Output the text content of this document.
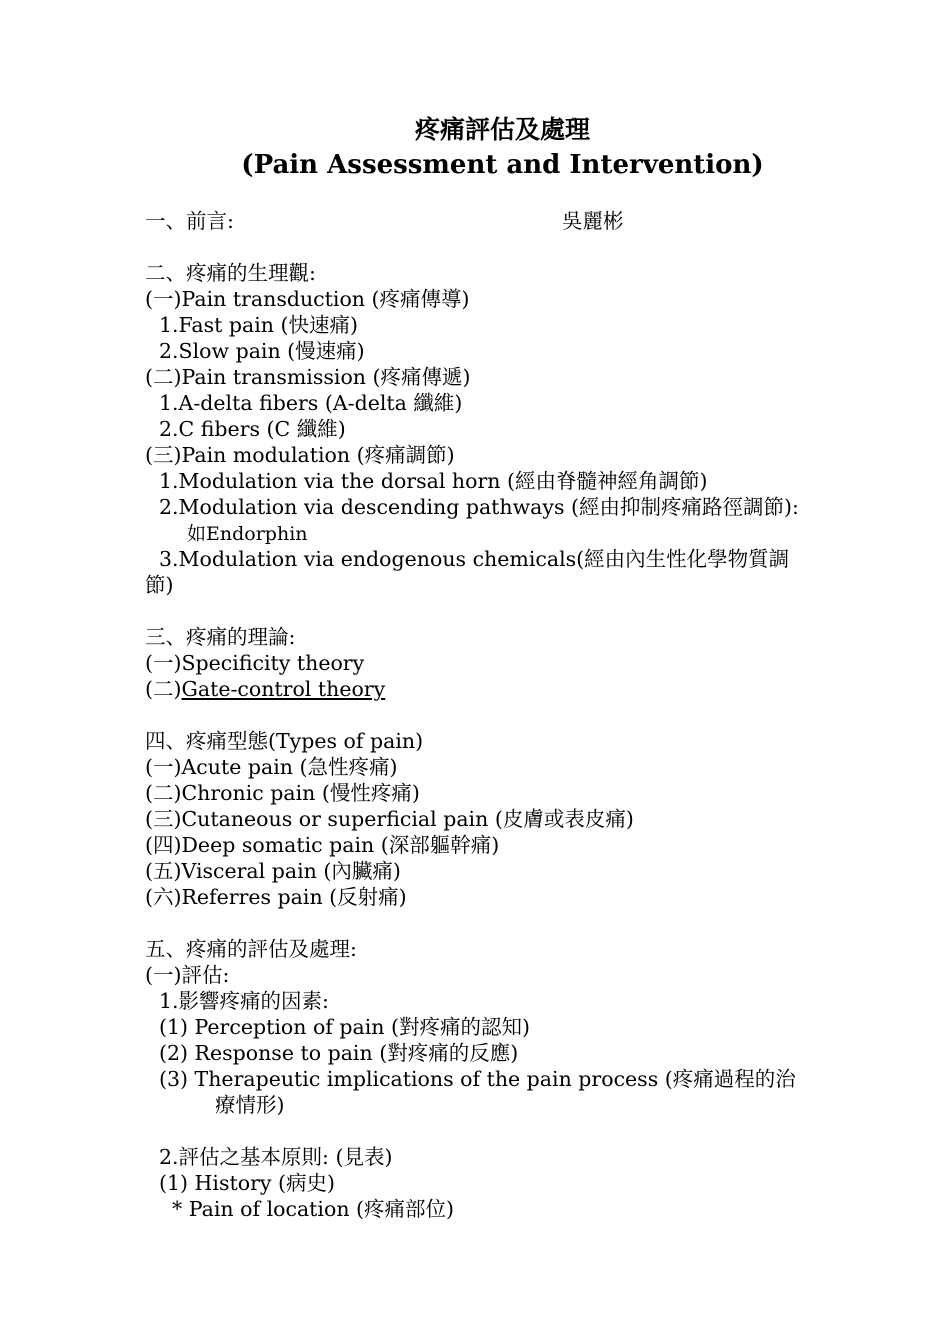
疼痛評估及處理
(Pain Assessment and Intervention)
一、前言:	吳麗彬
二、疼痛的生理觀:
(一)Pain transduction (疼痛傳導)
1.Fast pain (快速痛)
2.Slow pain (慢速痛)
(二)Pain transmission (疼痛傳遞)
1.A-delta fibers (A-delta 纖維)
2.C fibers (C 纖維)
(三)Pain modulation (疼痛調節)
1.Modulation via the dorsal horn (經由脊髓神經角調節)
2.Modulation via descending pathways (經由抑制疼痛路徑調節):
如Endorphin
3.Modulation via endogenous chemicals(經由內生性化學物質調
節)
三、疼痛的理論:
(一)Specificity theory
(二)Gate-control theory
四、疼痛型態(Types of pain)
(一)Acute pain (急性疼痛)
(二)Chronic pain (慢性疼痛)
(三)Cutaneous or superficial pain (皮膚或表皮痛)
(四)Deep somatic pain (深部軀幹痛)
(五)Visceral pain (內臟痛)
(六)Referres pain (反射痛)
五、疼痛的評估及處理:
(一)評估:
1.影響疼痛的因素:
(1) Perception of pain (對疼痛的認知)
(2) Response to pain (對疼痛的反應)
(3) Therapeutic implications of the pain process (疼痛過程的治
療情形)
2.評估之基本原則: (見表)
(1) History (病史)
* Pain of location (疼痛部位)
